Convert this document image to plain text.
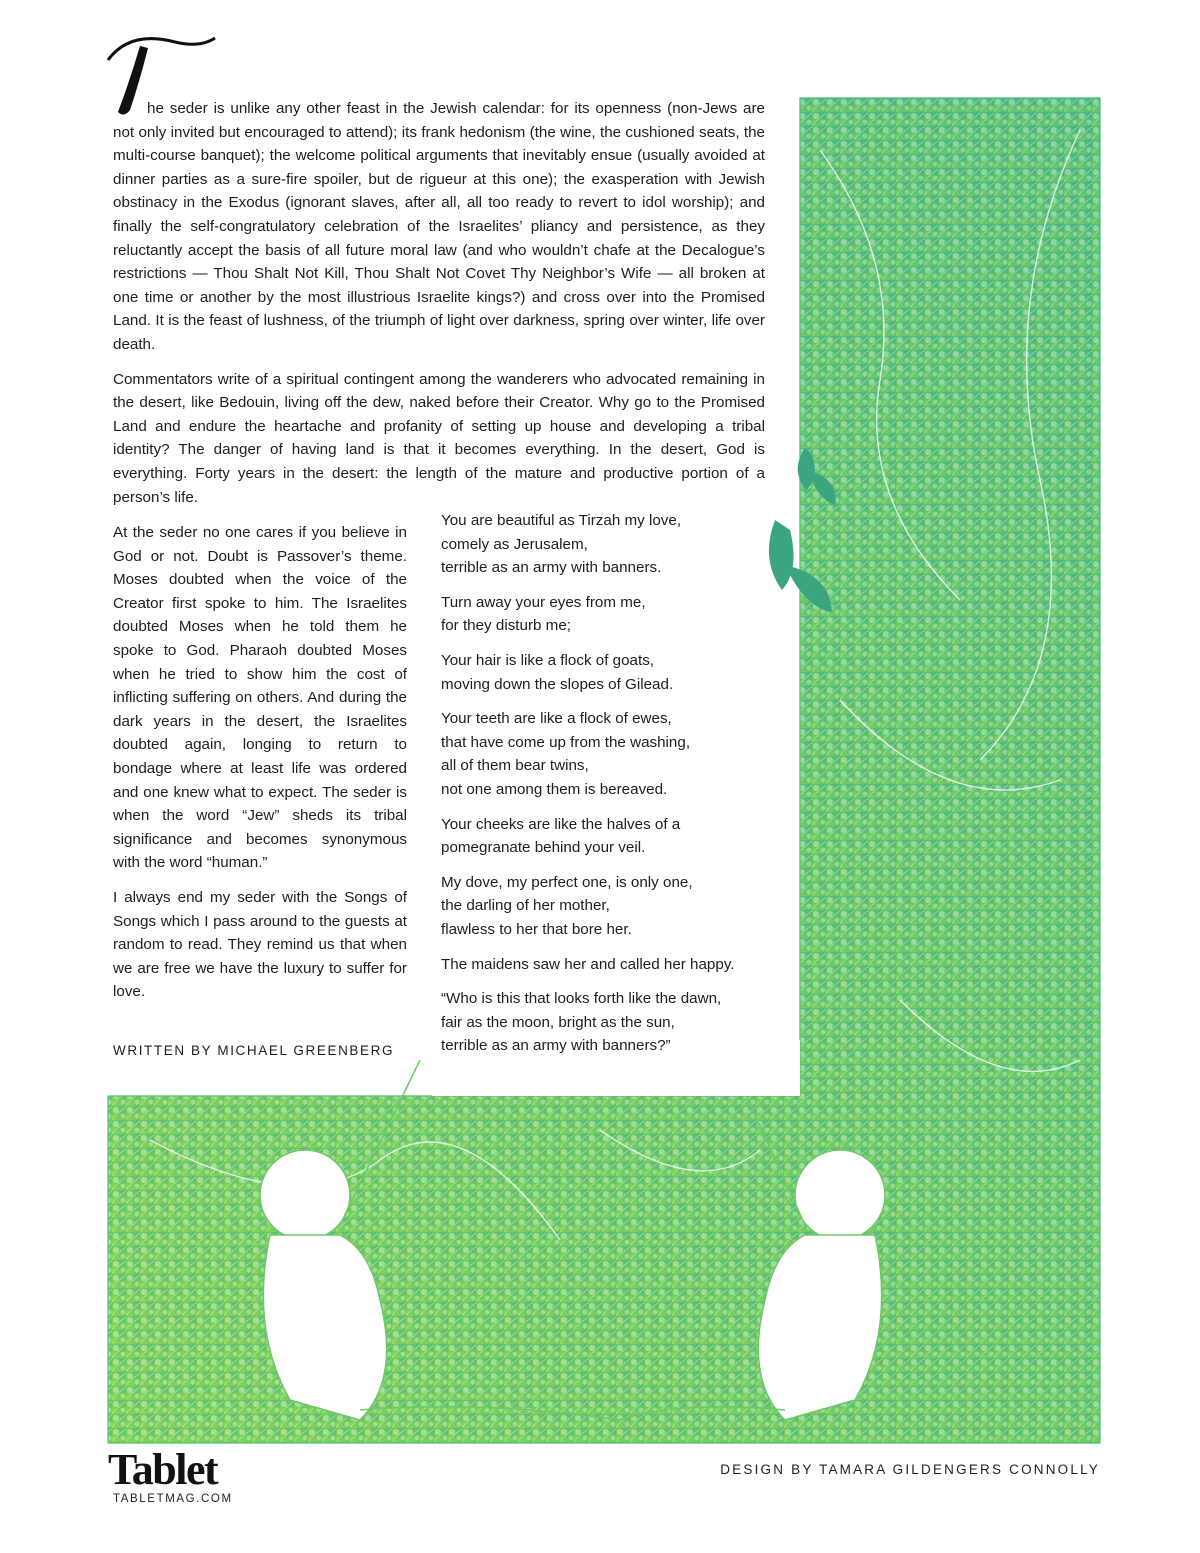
he seder is unlike any other feast in the Jewish calendar: for its openness (non-Jews are not only invited but encouraged to attend); its frank hedonism (the wine, the cushioned seats, the multi-course banquet); the welcome political arguments that inevitably ensue (usually avoided at dinner parties as a sure-fire spoiler, but de rigueur at this one); the exasperation with Jewish obstinacy in the Exodus (ignorant slaves, after all, all too ready to revert to idol worship); and finally the self-congratulatory celebration of the Israelites’ pliancy and persistence, as they reluctantly accept the basis of all future moral law (and who wouldn’t chafe at the Decalogue’s restrictions — Thou Shalt Not Kill, Thou Shalt Not Covet Thy Neighbor’s Wife — all broken at one time or another by the most illustrious Israelite kings?) and cross over into the Promised Land. It is the feast of lushness, of the triumph of light over darkness, spring over winter, life over death.

Commentators write of a spiritual contingent among the wanderers who advocated remaining in the desert, like Bedouin, living off the dew, naked before their Creator. Why go to the Promised Land and endure the heartache and profanity of setting up house and developing a tribal identity? The danger of having land is that it becomes everything. In the desert, God is everything. Forty years in the desert: the length of the mature and productive portion of a person’s life.

At the seder no one cares if you believe in God or not. Doubt is Passover’s theme. Moses doubted when the voice of the Creator first spoke to him. The Israelites doubted Moses when he told them he spoke to God. Pharaoh doubted Moses when he tried to show him the cost of inflicting suffering on others. And during the dark years in the desert, the Israelites doubted again, longing to return to bondage where at least life was ordered and one knew what to expect. The seder is when the word “Jew” sheds its tribal significance and becomes synonymous with the word “human.”

I always end my seder with the Songs of Songs which I pass around to the guests at random to read. They remind us that when we are free we have the luxury to suffer for love.

WRITTEN BY MICHAEL GREENBERG
You are beautiful as Tirzah my love,
comely as Jerusalem,
terrible as an army with banners.
Turn away your eyes from me,
for they disturb me;
Your hair is like a flock of goats,
moving down the slopes of Gilead.
Your teeth are like a flock of ewes,
that have come up from the washing,
all of them bear twins,
not one among them is bereaved.
Your cheeks are like the halves of a
pomegranate behind your veil.
My dove, my perfect one, is only one,
the darling of her mother,
flawless to her that bore her.
The maidens saw her and called her happy.
“Who is this that looks forth like the dawn,
fair as the moon, bright as the sun,
terrible as an army with banners?”
Tablet
TABLETMAG.COM
DESIGN BY TAMARA GILDENGERS CONNOLLY
